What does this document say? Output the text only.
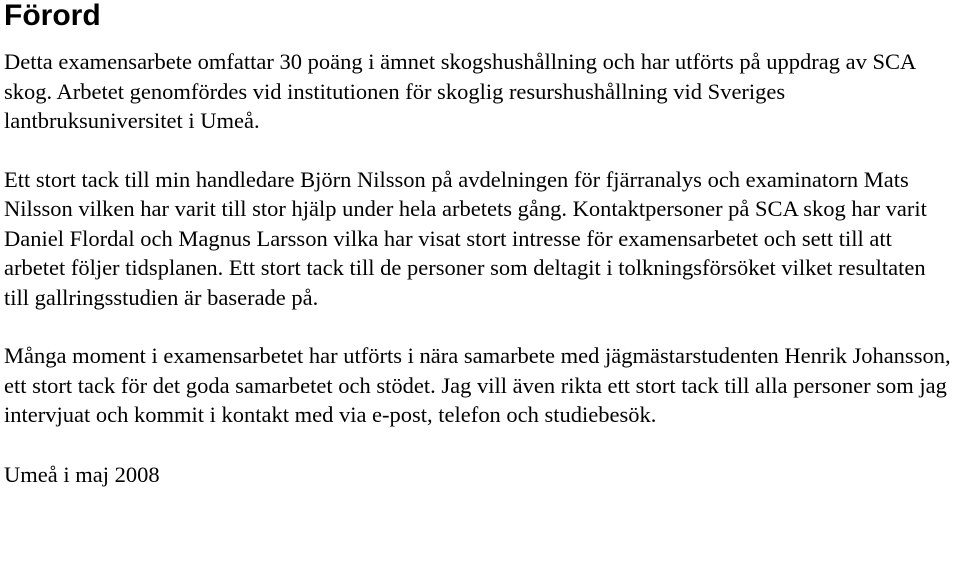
Förord

Detta examensarbete omfattar 30 poäng i ämnet skogshushållning och har utförts på uppdrag av SCA skog. Arbetet genomfördes vid institutionen för skoglig resurshushållning vid Sveriges lantbruksuniversitet i Umeå.

Ett stort tack till min handledare Björn Nilsson på avdelningen för fjärranalys och examinatorn Mats Nilsson vilken har varit till stor hjälp under hela arbetets gång. Kontaktpersoner på SCA skog har varit Daniel Flordal och Magnus Larsson vilka har visat stort intresse för examensarbetet och sett till att arbetet följer tidsplanen. Ett stort tack till de personer som deltagit i tolkningsförsöket vilket resultaten till gallringsstudien är baserade på.

Många moment i examensarbetet har utförts i nära samarbete med jägmästarstudenten Henrik Johansson, ett stort tack för det goda samarbetet och stödet. Jag vill även rikta ett stort tack till alla personer som jag intervjuat och kommit i kontakt med via e-post, telefon och studiebesök.

Umeå i maj 2008
